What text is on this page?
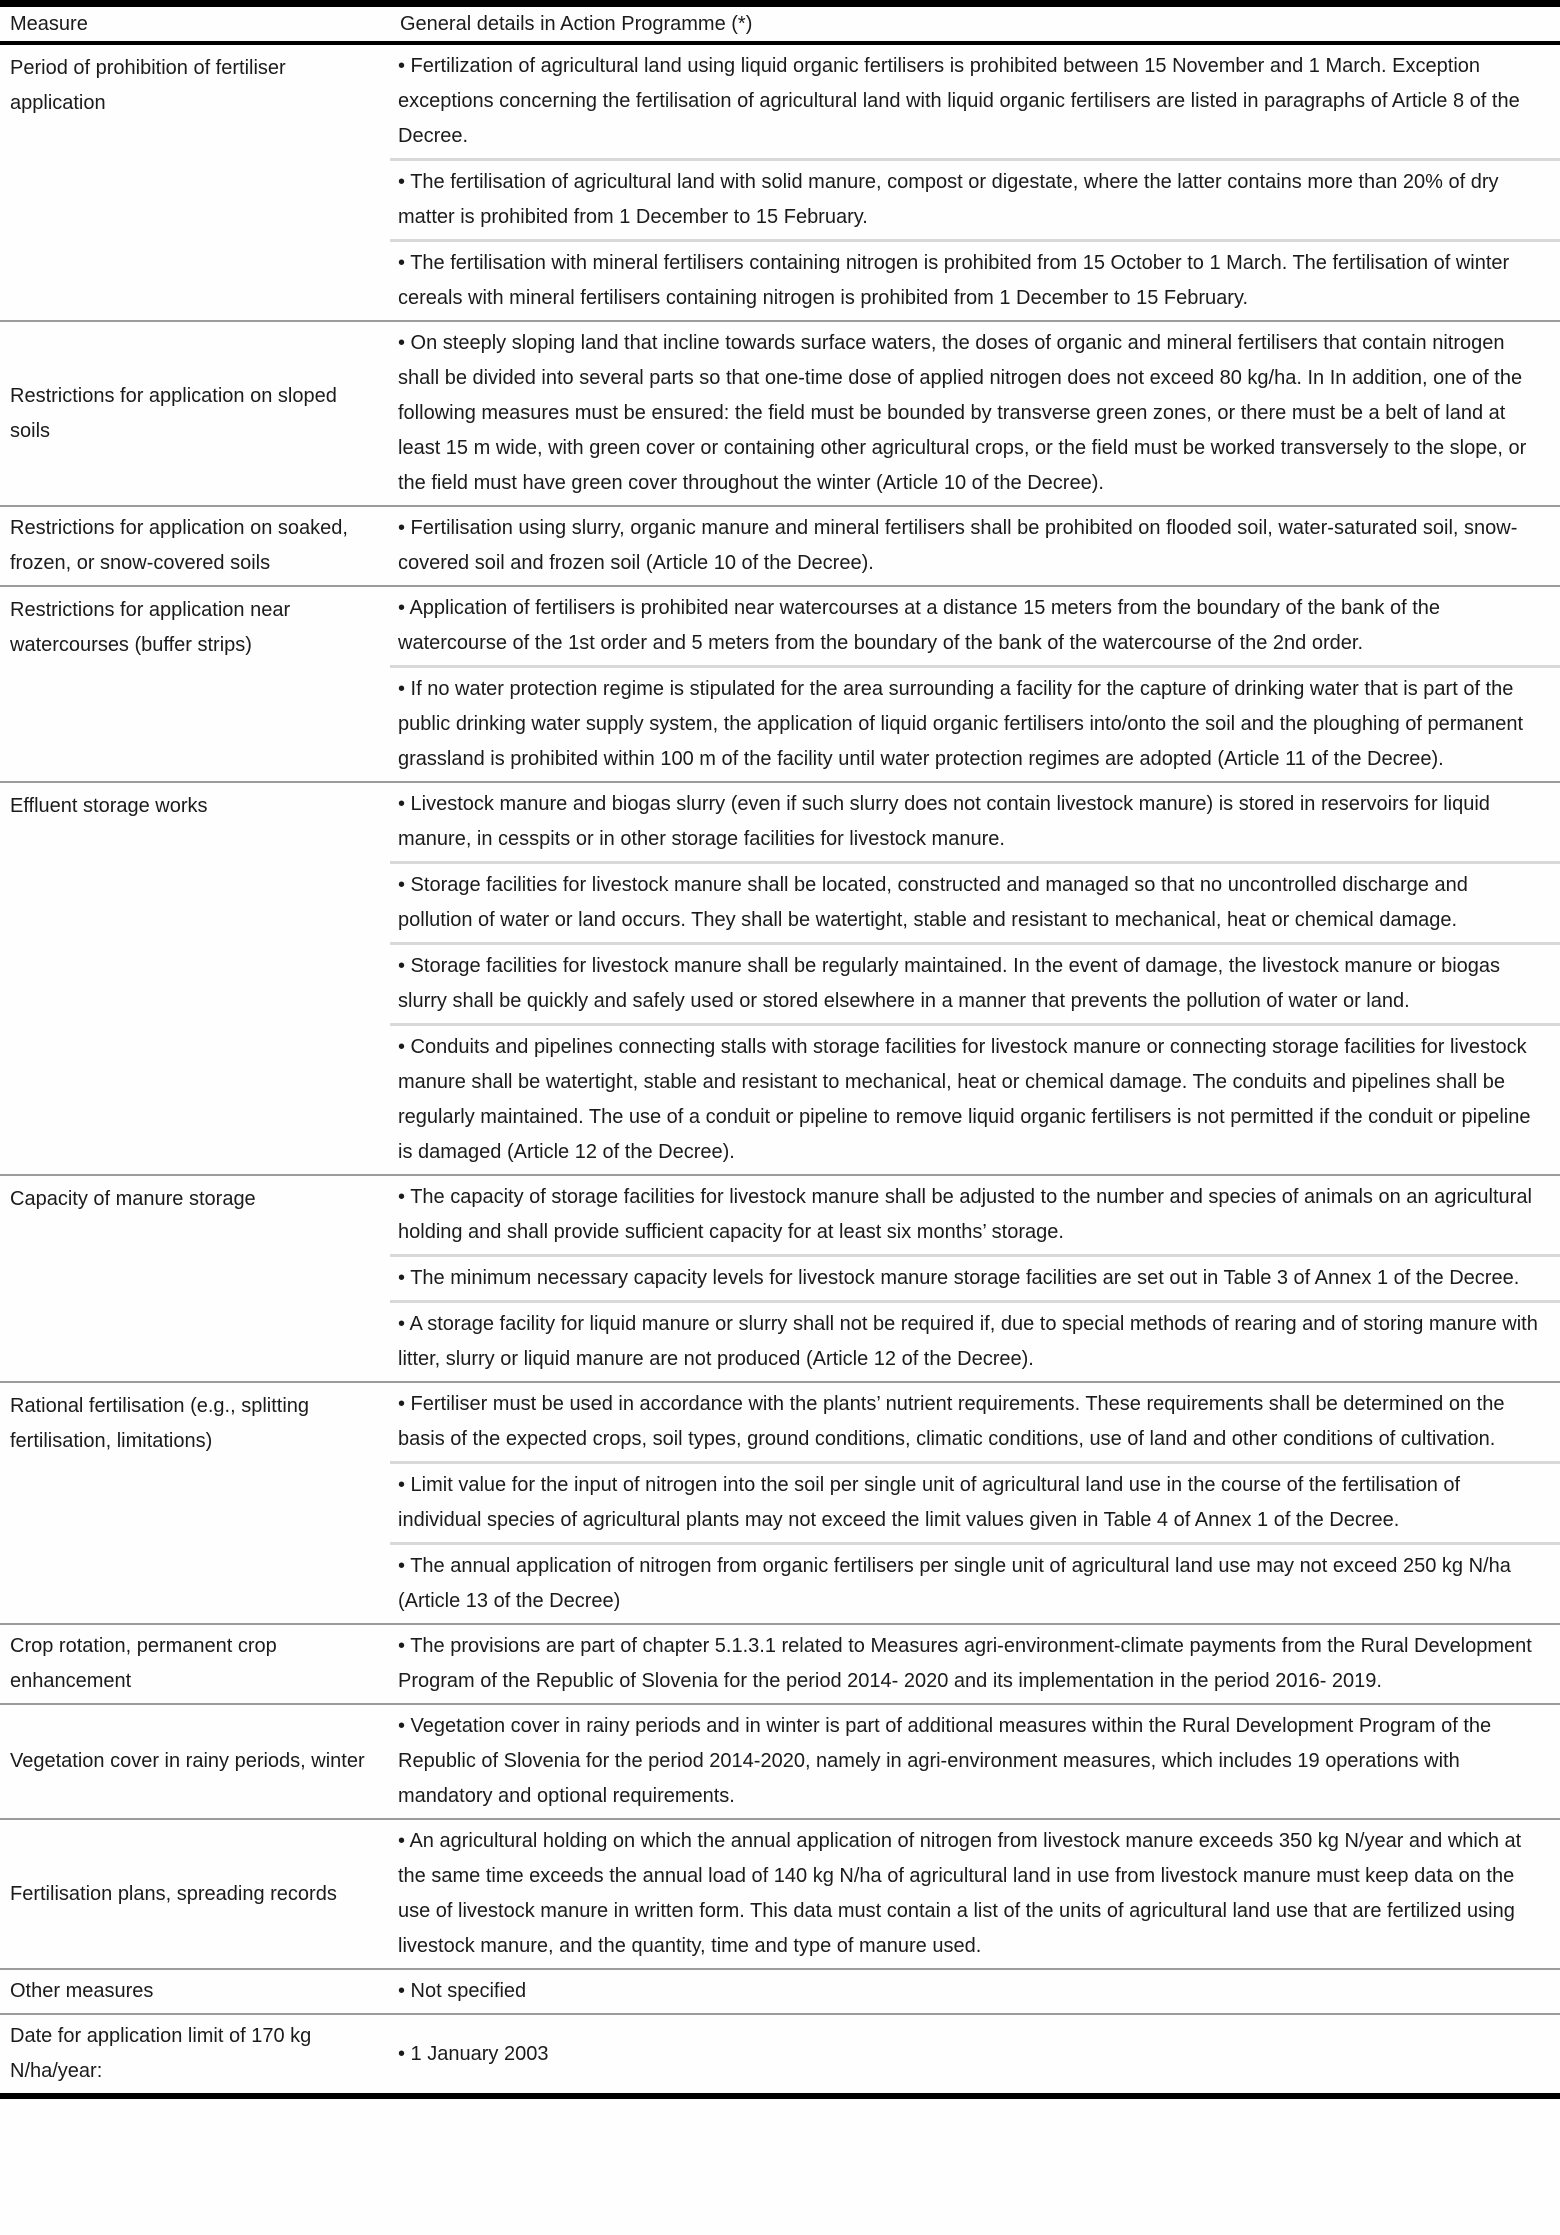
Measure	General details in Action Programme (*)
Period of prohibition of fertiliser application	• Fertilization of agricultural land using liquid organic fertilisers is prohibited between 15 November and 1 March. Exception exceptions concerning the fertilisation of agricultural land with liquid organic fertilisers are listed in paragraphs of Article 8 of the Decree.
	• The fertilisation of agricultural land with solid manure, compost or digestate, where the latter contains more than 20% of dry matter is prohibited from 1 December to 15 February.
	• The fertilisation with mineral fertilisers containing nitrogen is prohibited from 15 October to 1 March. The fertilisation of winter cereals with mineral fertilisers containing nitrogen is prohibited from 1 December to 15 February.
Restrictions for application on sloped soils	• On steeply sloping land that incline towards surface waters, the doses of organic and mineral fertilisers that contain nitrogen shall be divided into several parts so that one-time dose of applied nitrogen does not exceed 80 kg/ha. In In addition, one of the following measures must be ensured: the field must be bounded by transverse green zones, or there must be a belt of land at least 15 m wide, with green cover or containing other agricultural crops, or the field must be worked transversely to the slope, or the field must have green cover throughout the winter (Article 10 of the Decree).
Restrictions for application on soaked, frozen, or snow-covered soils	• Fertilisation using slurry, organic manure and mineral fertilisers shall be prohibited on flooded soil, water-saturated soil, snow-covered soil and frozen soil (Article 10 of the Decree).
Restrictions for application near watercourses (buffer strips)	• Application of fertilisers is prohibited near watercourses at a distance 15 meters from the boundary of the bank of the watercourse of the 1st order and 5 meters from the boundary of the bank of the watercourse of the 2nd order.
	• If no water protection regime is stipulated for the area surrounding a facility for the capture of drinking water that is part of the public drinking water supply system, the application of liquid organic fertilisers into/onto the soil and the ploughing of permanent grassland is prohibited within 100 m of the facility until water protection regimes are adopted (Article 11 of the Decree).
Effluent storage works	• Livestock manure and biogas slurry (even if such slurry does not contain livestock manure) is stored in reservoirs for liquid manure, in cesspits or in other storage facilities for livestock manure.
	• Storage facilities for livestock manure shall be located, constructed and managed so that no uncontrolled discharge and pollution of water or land occurs. They shall be watertight, stable and resistant to mechanical, heat or chemical damage.
	• Storage facilities for livestock manure shall be regularly maintained. In the event of damage, the livestock manure or biogas slurry shall be quickly and safely used or stored elsewhere in a manner that prevents the pollution of water or land.
	• Conduits and pipelines connecting stalls with storage facilities for livestock manure or connecting storage facilities for livestock manure shall be watertight, stable and resistant to mechanical, heat or chemical damage. The conduits and pipelines shall be regularly maintained. The use of a conduit or pipeline to remove liquid organic fertilisers is not permitted if the conduit or pipeline is damaged (Article 12 of the Decree).
Capacity of manure storage	• The capacity of storage facilities for livestock manure shall be adjusted to the number and species of animals on an agricultural holding and shall provide sufficient capacity for at least six months’ storage.
	• The minimum necessary capacity levels for livestock manure storage facilities are set out in Table 3 of Annex 1 of the Decree.
	• A storage facility for liquid manure or slurry shall not be required if, due to special methods of rearing and of storing manure with litter, slurry or liquid manure are not produced (Article 12 of the Decree).
Rational fertilisation (e.g., splitting fertilisation, limitations)	• Fertiliser must be used in accordance with the plants’ nutrient requirements. These requirements shall be determined on the basis of the expected crops, soil types, ground conditions, climatic conditions, use of land and other conditions of cultivation.
	• Limit value for the input of nitrogen into the soil per single unit of agricultural land use in the course of the fertilisation of individual species of agricultural plants may not exceed the limit values given in Table 4 of Annex 1 of the Decree.
	• The annual application of nitrogen from organic fertilisers per single unit of agricultural land use may not exceed 250 kg N/ha (Article 13 of the Decree)
Crop rotation, permanent crop enhancement	• The provisions are part of chapter 5.1.3.1 related to Measures agri-environment-climate payments from the Rural Development Program of the Republic of Slovenia for the period 2014- 2020 and its implementation in the period 2016- 2019.
Vegetation cover in rainy periods, winter	• Vegetation cover in rainy periods and in winter is part of additional measures within the Rural Development Program of the Republic of Slovenia for the period 2014-2020, namely in agri-environment measures, which includes 19 operations with mandatory and optional requirements.
Fertilisation plans, spreading records	• An agricultural holding on which the annual application of nitrogen from livestock manure exceeds 350 kg N/year and which at the same time exceeds the annual load of 140 kg N/ha of agricultural land in use from livestock manure must keep data on the use of livestock manure in written form. This data must contain a list of the units of agricultural land use that are fertilized using livestock manure, and the quantity, time and type of manure used.
Other measures	• Not specified
Date for application limit of 170 kg N/ha/year:	• 1 January 2003
